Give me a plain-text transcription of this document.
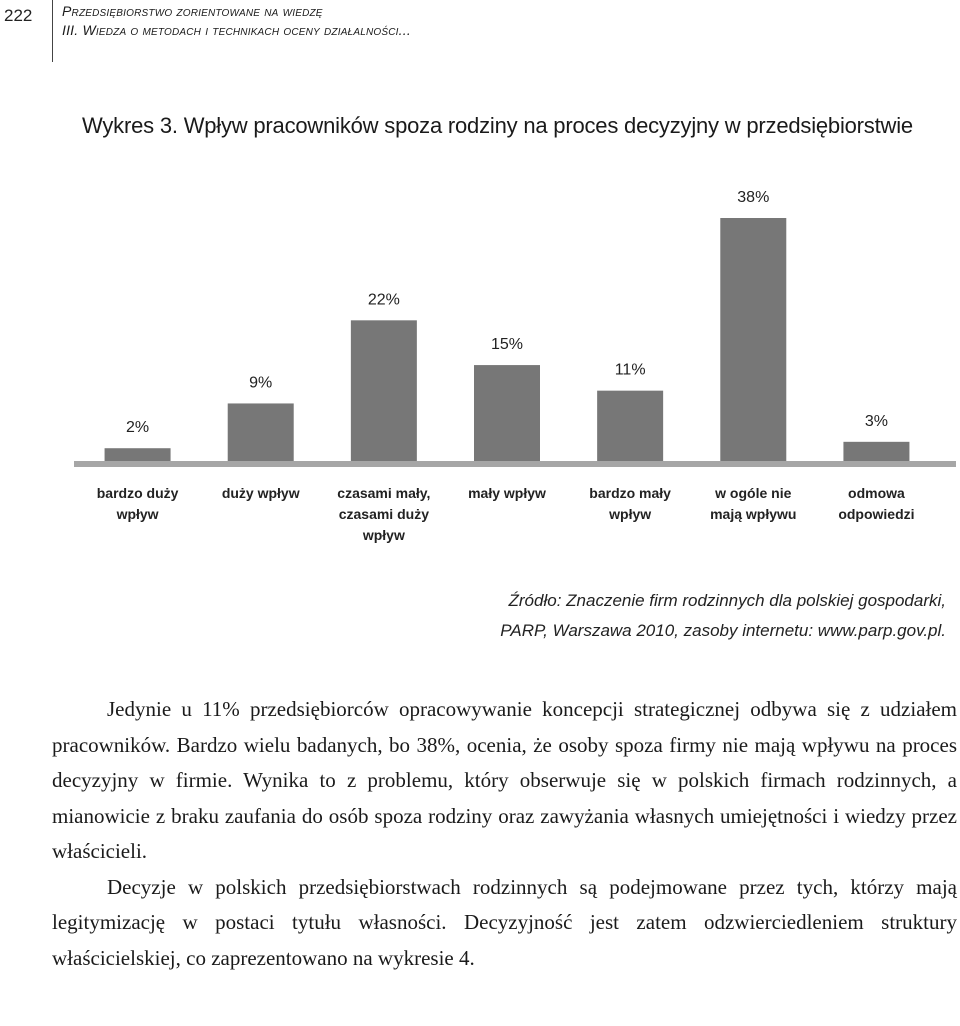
222 Przedsiębiorstwo zorientowane na wiedzę
III. Wiedza o metodach i technikach oceny działalności...
Wykres 3. Wpływ pracowników spoza rodziny na proces decyzyjny w przedsiębiorstwie
2%
bardzo duży
wpływ
9%
duży wpływ
22%
czasami mały,
czasami duży
wpływ
15%
mały wpływ
11%
bardzo mały
wpływ
38%
w ogóle nie
mają wpływu
3%
odmowa
odpowiedzi
Źródło: Znaczenie firm rodzinnych dla polskiej gospodarki,
PARP, Warszawa 2010, zasoby internetu: www.parp.gov.pl.

Jedynie u 11% przedsiębiorców opracowywanie koncepcji strategicznej odbywa się z udziałem pracowników. Bardzo wielu badanych, bo 38%, ocenia, że osoby spoza firmy nie mają wpływu na proces decyzyjny w firmie. Wynika to z problemu, który obserwuje się w polskich firmach rodzinnych, a mianowicie z braku zaufania do osób spoza rodziny oraz zawyżania własnych umiejętności i wiedzy przez właścicieli.

Decyzje w polskich przedsiębiorstwach rodzinnych są podejmowane przez tych, którzy mają legitymizację w postaci tytułu własności. Decyzyjność jest zatem odzwierciedleniem struktury właścicielskiej, co zaprezentowano na wykresie 4.
